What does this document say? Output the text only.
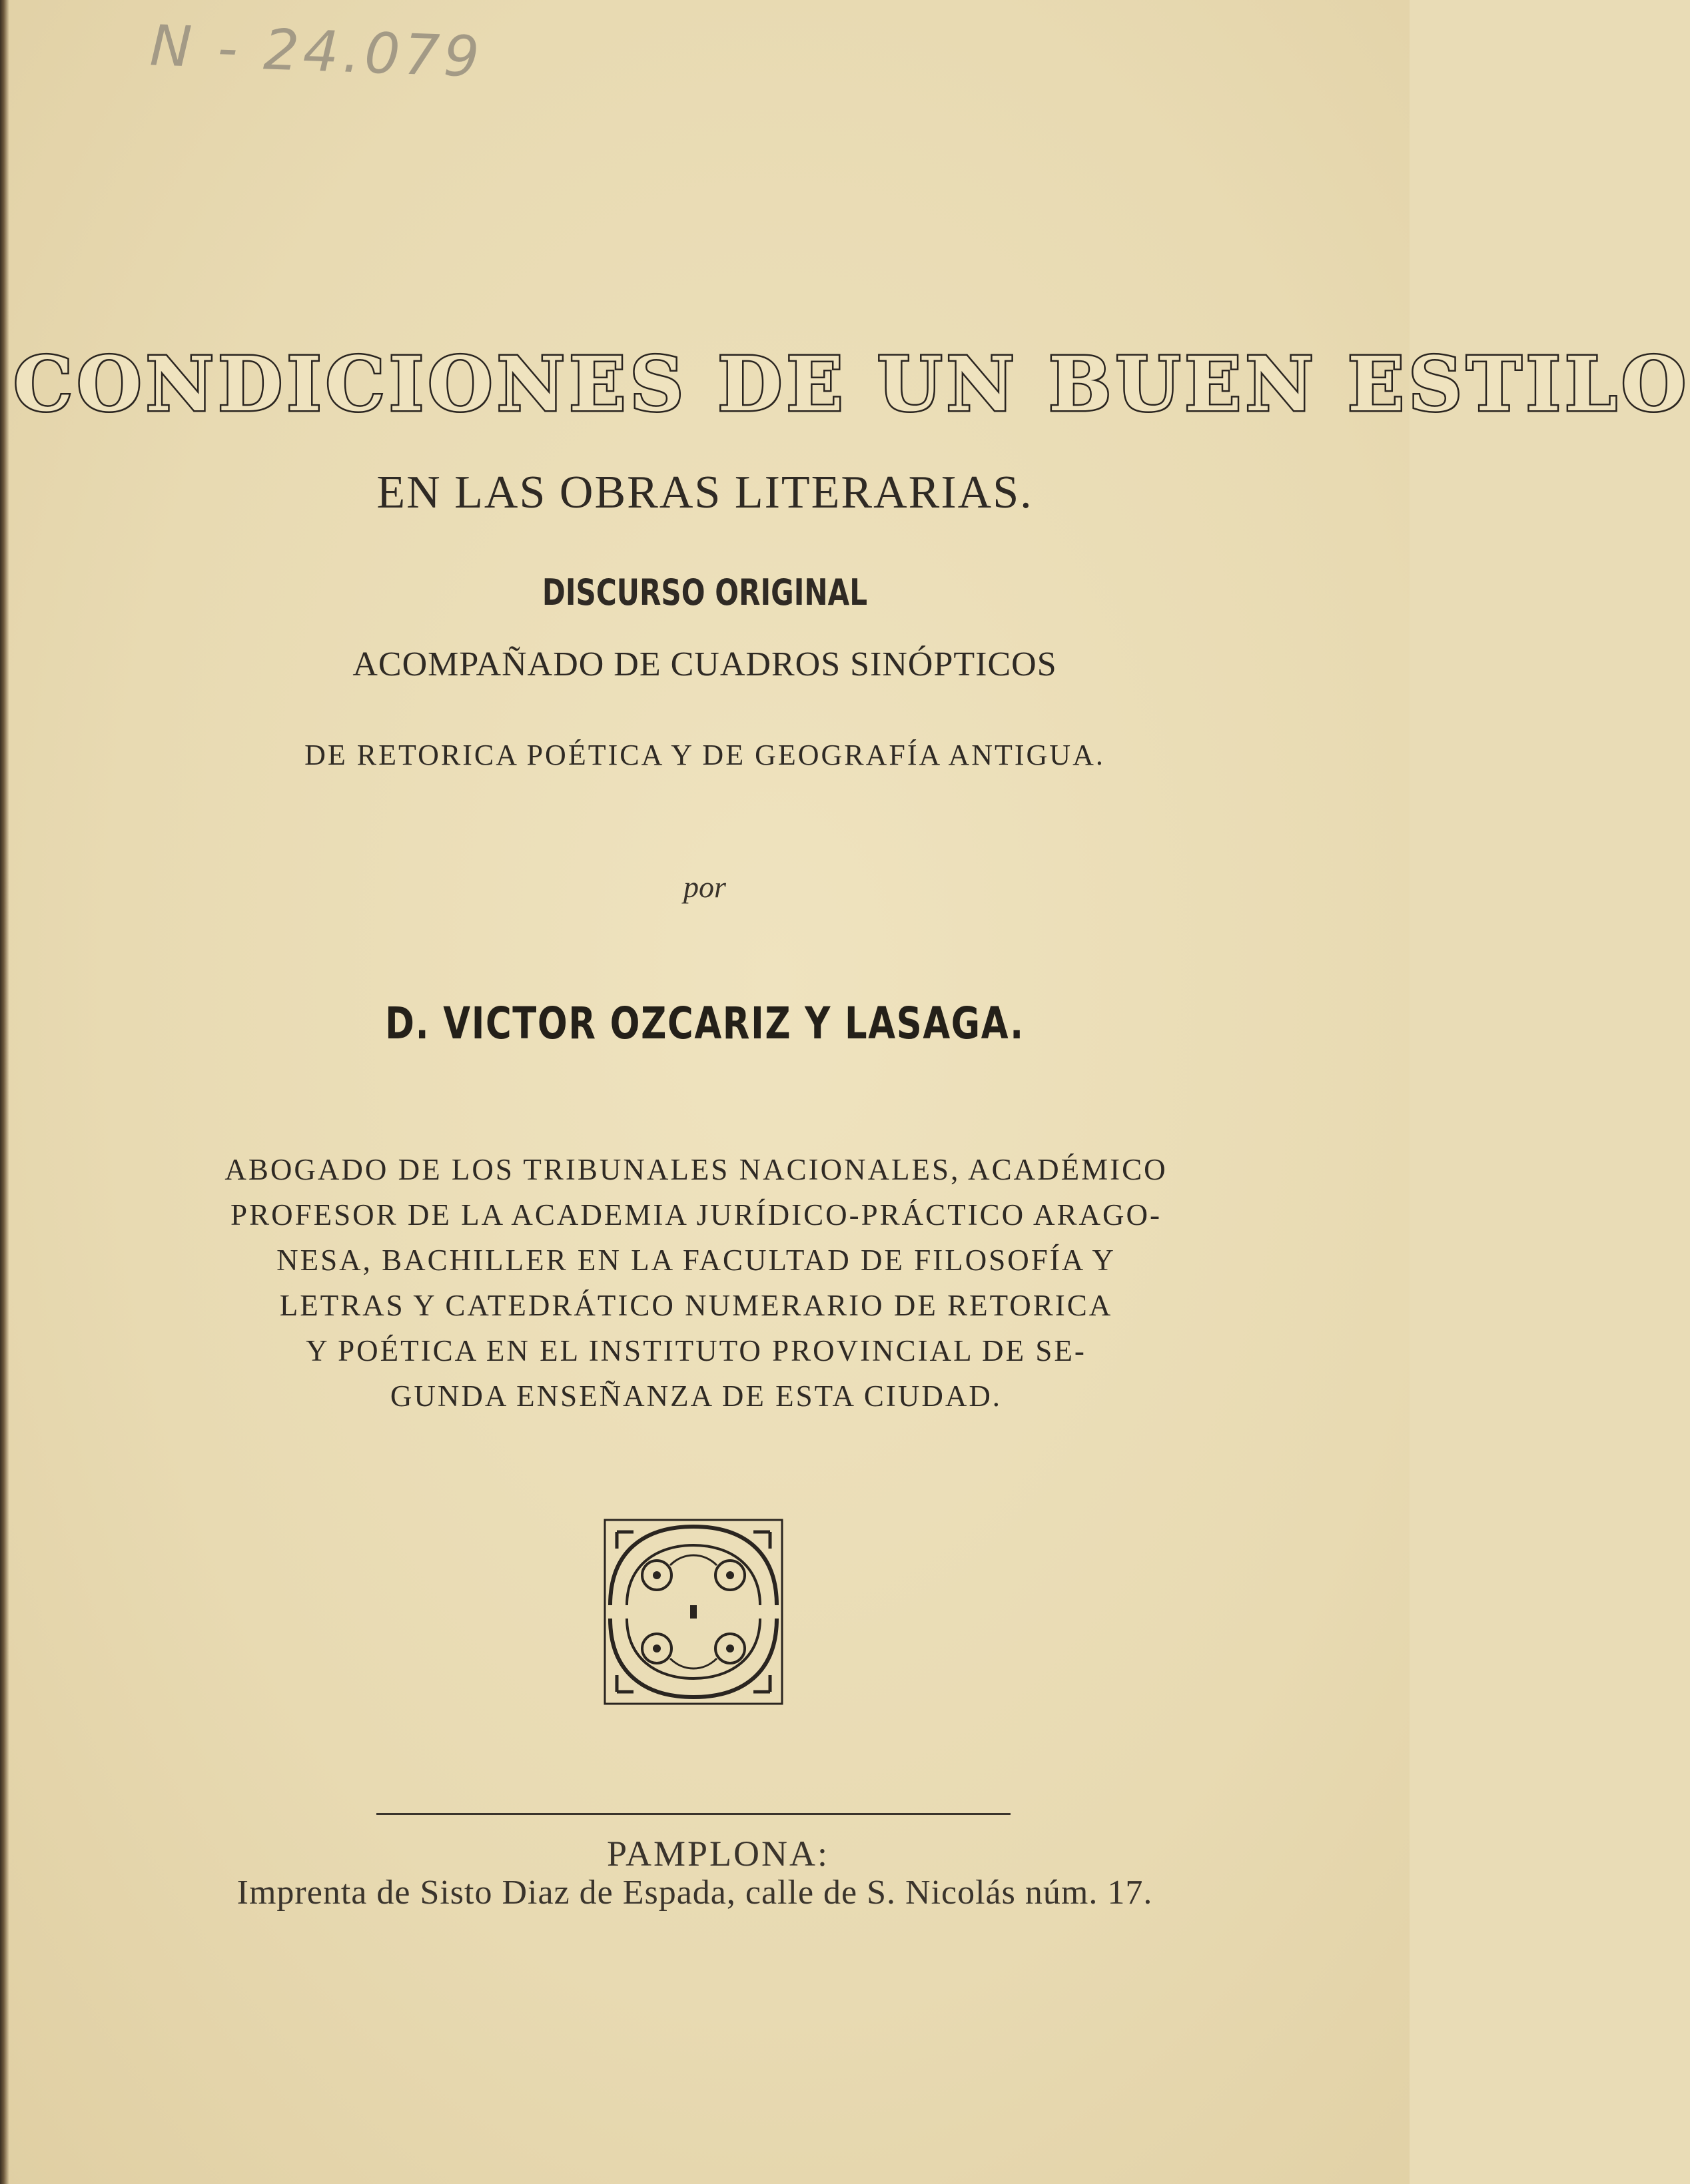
N - 24.079
CONDICIONES DE UN BUEN ESTILO
EN LAS OBRAS LITERARIAS.
DISCURSO ORIGINAL
ACOMPAÑADO DE CUADROS SINÓPTICOS
DE RETORICA POÉTICA Y DE GEOGRAFÍA ANTIGUA.
por
D. VICTOR OZCARIZ Y LASAGA.
ABOGADO DE LOS TRIBUNALES NACIONALES, ACADÉMICO
PROFESOR DE LA ACADEMIA JURÍDICO-PRÁCTICO ARAGO-
NESA, BACHILLER EN LA FACULTAD DE FILOSOFÍA Y
LETRAS Y CATEDRÁTICO NUMERARIO DE RETORICA
Y POÉTICA EN EL INSTITUTO PROVINCIAL DE SE-
GUNDA ENSEÑANZA DE ESTA CIUDAD.
PAMPLONA:
Imprenta de Sisto Diaz de Espada, calle de S. Nicolás núm. 17.
